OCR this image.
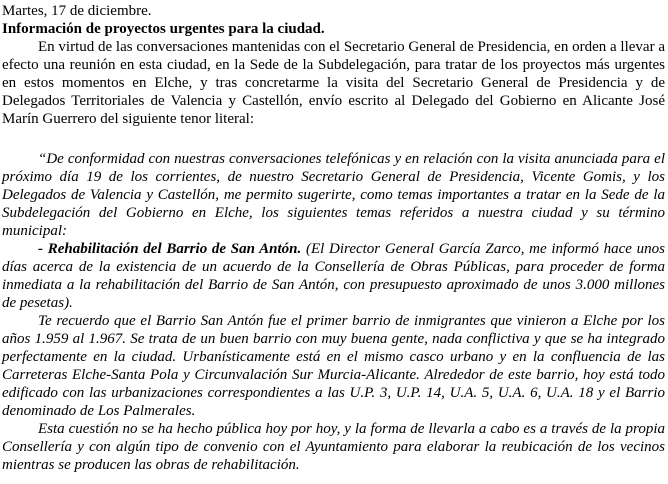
Martes, 17 de diciembre.

Información de proyectos urgentes para la ciudad.

En virtud de las conversaciones mantenidas con el Secretario General de Presidencia, en orden a llevar a efecto una reunión en esta ciudad, en la Sede de la Subdelegación, para tratar de los proyectos más urgentes en estos momentos en Elche, y tras concretarme la visita del Secretario General de Presidencia y de Delegados Territoriales de Valencia y Castellón, envío escrito al Delegado del Gobierno en Alicante José Marín Guerrero del siguiente tenor literal:

“De conformidad con nuestras conversaciones telefónicas y en relación con la visita anunciada para el próximo día 19 de los corrientes, de nuestro Secretario General de Presidencia, Vicente Gomis, y los Delegados de Valencia y Castellón, me permito sugerirte, como temas importantes a tratar en la Sede de la Subdelegación del Gobierno en Elche, los siguientes temas referidos a nuestra ciudad y su término municipal:

- Rehabilitación del Barrio de San Antón. (El Director General García Zarco, me informó hace unos días acerca de la existencia de un acuerdo de la Consellería de Obras Públicas, para proceder de forma inmediata a la rehabilitación del Barrio de San Antón, con presupuesto aproximado de unos 3.000 millones de pesetas).

Te recuerdo que el Barrio San Antón fue el primer barrio de inmigrantes que vinieron a Elche por los años 1.959 al 1.967. Se trata de un buen barrio con muy buena gente, nada conflictiva y que se ha integrado perfectamente en la ciudad. Urbanísticamente está en el mismo casco urbano y en la confluencia de las Carreteras Elche-Santa Pola y Circunvalación Sur Murcia-Alicante. Alrededor de este barrio, hoy está todo edificado con las urbanizaciones correspondientes a las U.P. 3, U.P. 14, U.A. 5, U.A. 6, U.A. 18 y el Barrio denominado de Los Palmerales.

Esta cuestión no se ha hecho pública hoy por hoy, y la forma de llevarla a cabo es a través de la propia Consellería y con algún tipo de convenio con el Ayuntamiento para elaborar la reubicación de los vecinos mientras se producen las obras de rehabilitación.
